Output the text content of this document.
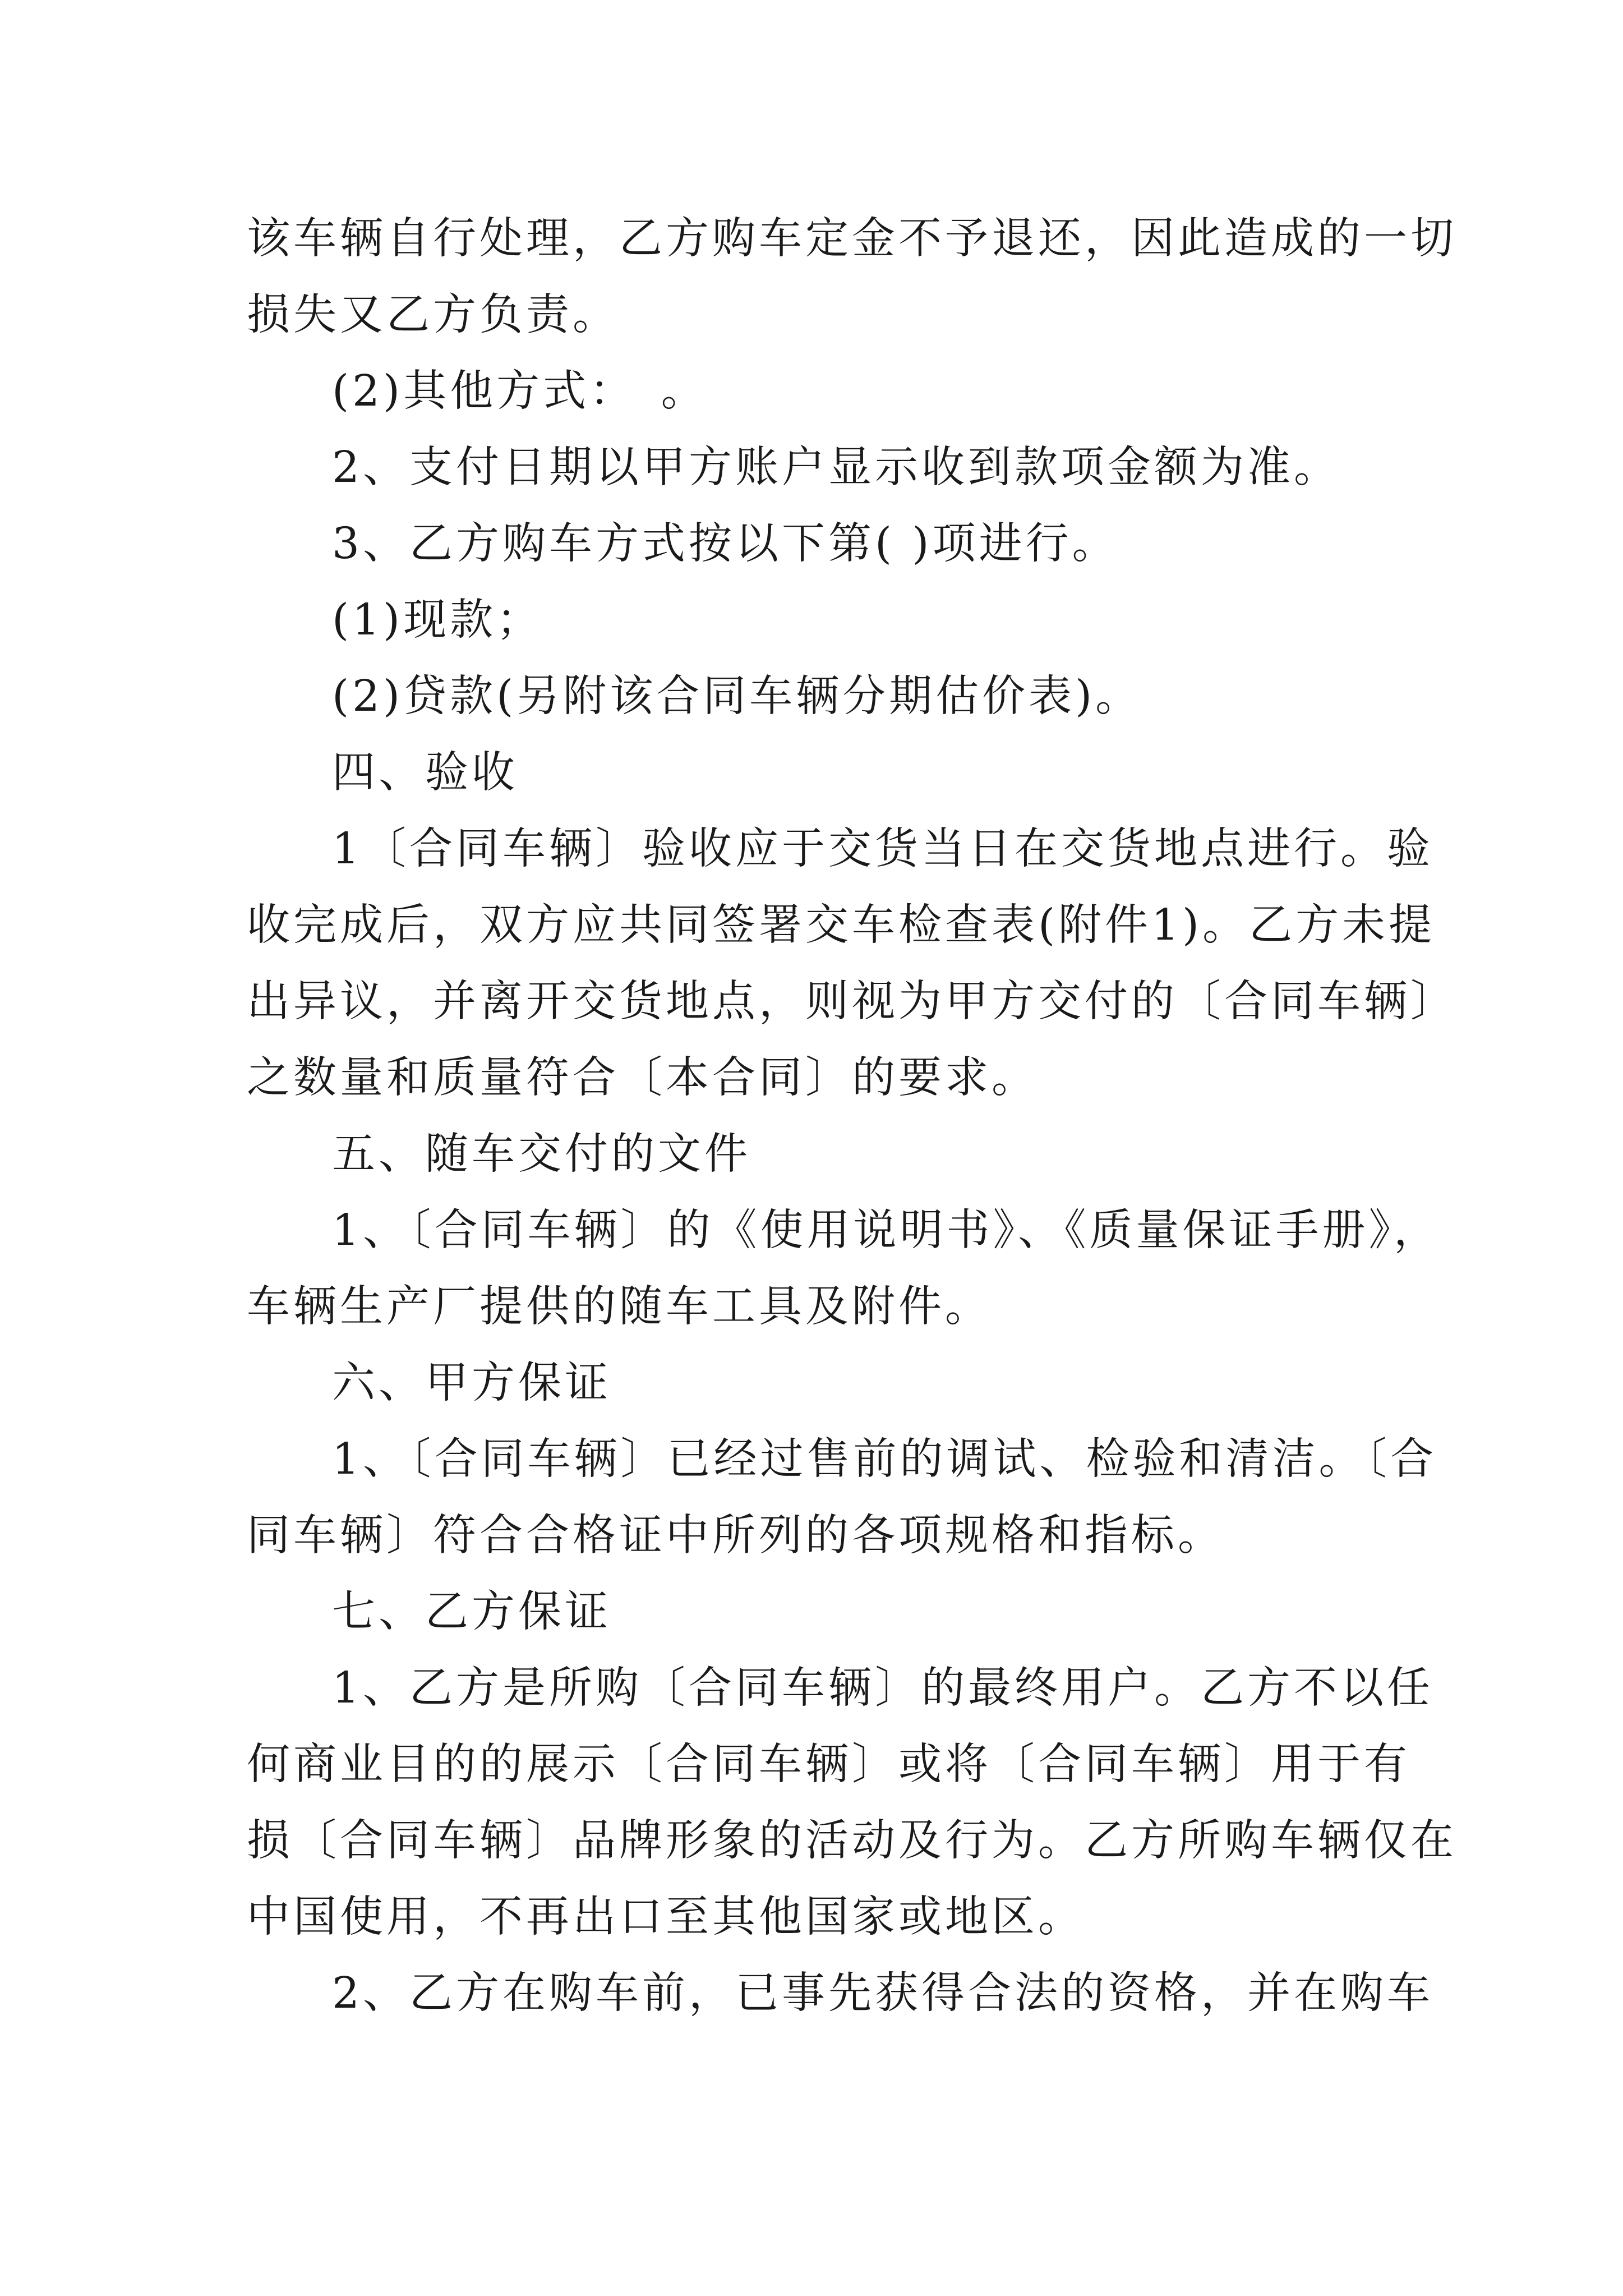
该车辆自行处理，乙方购车定金不予退还，因此造成的一切
损失又乙方负责。
(2)其他方式：　。
2、支付日期以甲方账户显示收到款项金额为准。
3、乙方购车方式按以下第( )项进行。
(1)现款；
(2)贷款(另附该合同车辆分期估价表)。
四、验收
1〔合同车辆〕验收应于交货当日在交货地点进行。验
收完成后，双方应共同签署交车检查表(附件1)。乙方未提
出异议，并离开交货地点，则视为甲方交付的〔合同车辆〕
之数量和质量符合〔本合同〕的要求。
五、随车交付的文件
1、〔合同车辆〕的《使用说明书》、《质量保证手册》，
车辆生产厂提供的随车工具及附件。
六、甲方保证
1、〔合同车辆〕已经过售前的调试、检验和清洁。〔合
同车辆〕符合合格证中所列的各项规格和指标。
七、乙方保证
1、乙方是所购〔合同车辆〕的最终用户。乙方不以任
何商业目的的展示〔合同车辆〕或将〔合同车辆〕用于有
损〔合同车辆〕品牌形象的活动及行为。乙方所购车辆仅在
中国使用，不再出口至其他国家或地区。
2、乙方在购车前，已事先获得合法的资格，并在购车
